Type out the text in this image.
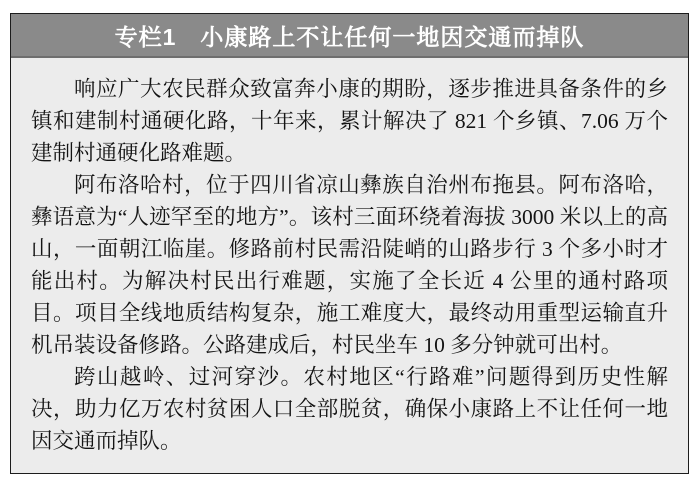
专栏1　小康路上不让任何一地因交通而掉队

响应广大农民群众致富奔小康的期盼，逐步推进具备条件的乡镇和建制村通硬化路，十年来，累计解决了 821 个乡镇、7.06 万个建制村通硬化路难题。

阿布洛哈村，位于四川省凉山彝族自治州布拖县。阿布洛哈，彝语意为“人迹罕至的地方”。该村三面环绕着海拔 3000 米以上的高山，一面朝江临崖。修路前村民需沿陡峭的山路步行 3 个多小时才能出村。为解决村民出行难题，实施了全长近 4 公里的通村路项目。项目全线地质结构复杂，施工难度大，最终动用重型运输直升机吊装设备修路。公路建成后，村民坐车 10 多分钟就可出村。

跨山越岭、过河穿沙。农村地区“行路难”问题得到历史性解决，助力亿万农村贫困人口全部脱贫，确保小康路上不让任何一地因交通而掉队。
